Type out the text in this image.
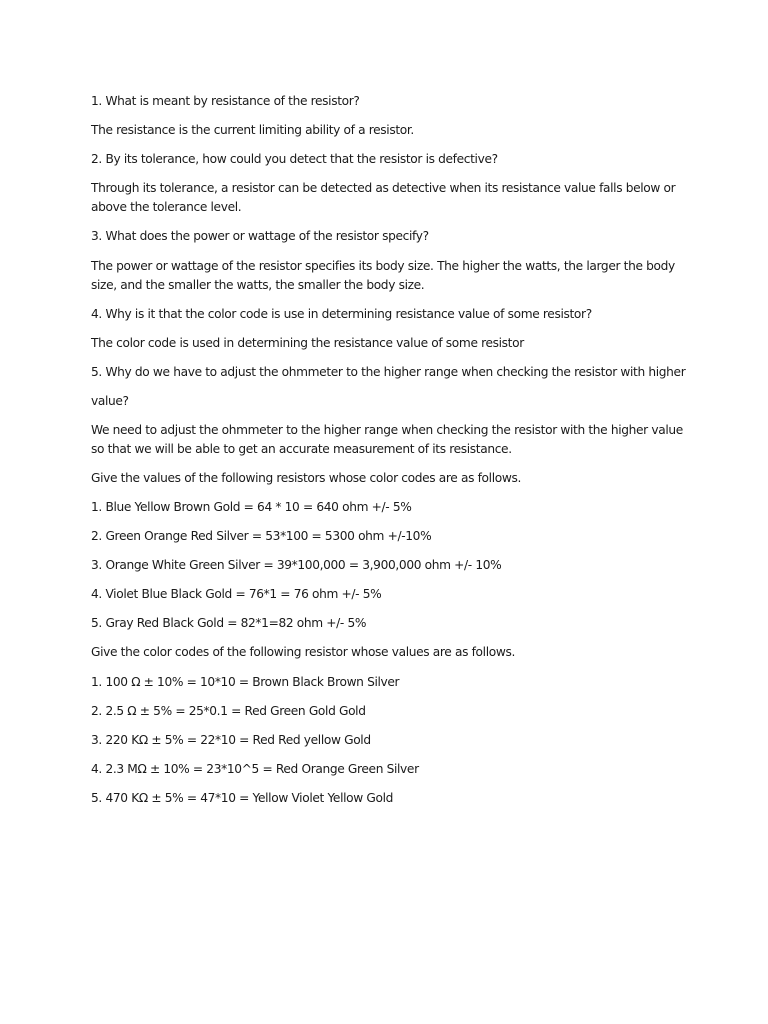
1. What is meant by resistance of the resistor?
The resistance is the current limiting ability of a resistor.
2. By its tolerance, how could you detect that the resistor is defective?
Through its tolerance, a resistor can be detected as detective when its resistance value falls below or
above the tolerance level.
3. What does the power or wattage of the resistor specify?
The power or wattage of the resistor specifies its body size. The higher the watts, the larger the body
size, and the smaller the watts, the smaller the body size.
4. Why is it that the color code is use in determining resistance value of some resistor?
The color code is used in determining the resistance value of some resistor
5. Why do we have to adjust the ohmmeter to the higher range when checking the resistor with higher
value?
We need to adjust the ohmmeter to the higher range when checking the resistor with the higher value
so that we will be able to get an accurate measurement of its resistance.
Give the values of the following resistors whose color codes are as follows.
1. Blue Yellow Brown Gold = 64 * 10 = 640 ohm +/- 5%
2. Green Orange Red Silver = 53*100 = 5300 ohm +/-10%
3. Orange White Green Silver = 39*100,000 = 3,900,000 ohm +/- 10%
4. Violet Blue Black Gold = 76*1 = 76 ohm +/- 5%
5. Gray Red Black Gold = 82*1=82 ohm +/- 5%
Give the color codes of the following resistor whose values are as follows.
1. 100 Ω ± 10% = 10*10 = Brown Black Brown Silver
2. 2.5 Ω ± 5% = 25*0.1 = Red Green Gold Gold
3. 220 KΩ ± 5% = 22*10 = Red Red yellow Gold
4. 2.3 MΩ ± 10% = 23*10^5 = Red Orange Green Silver
5. 470 KΩ ± 5% = 47*10 = Yellow Violet Yellow Gold
